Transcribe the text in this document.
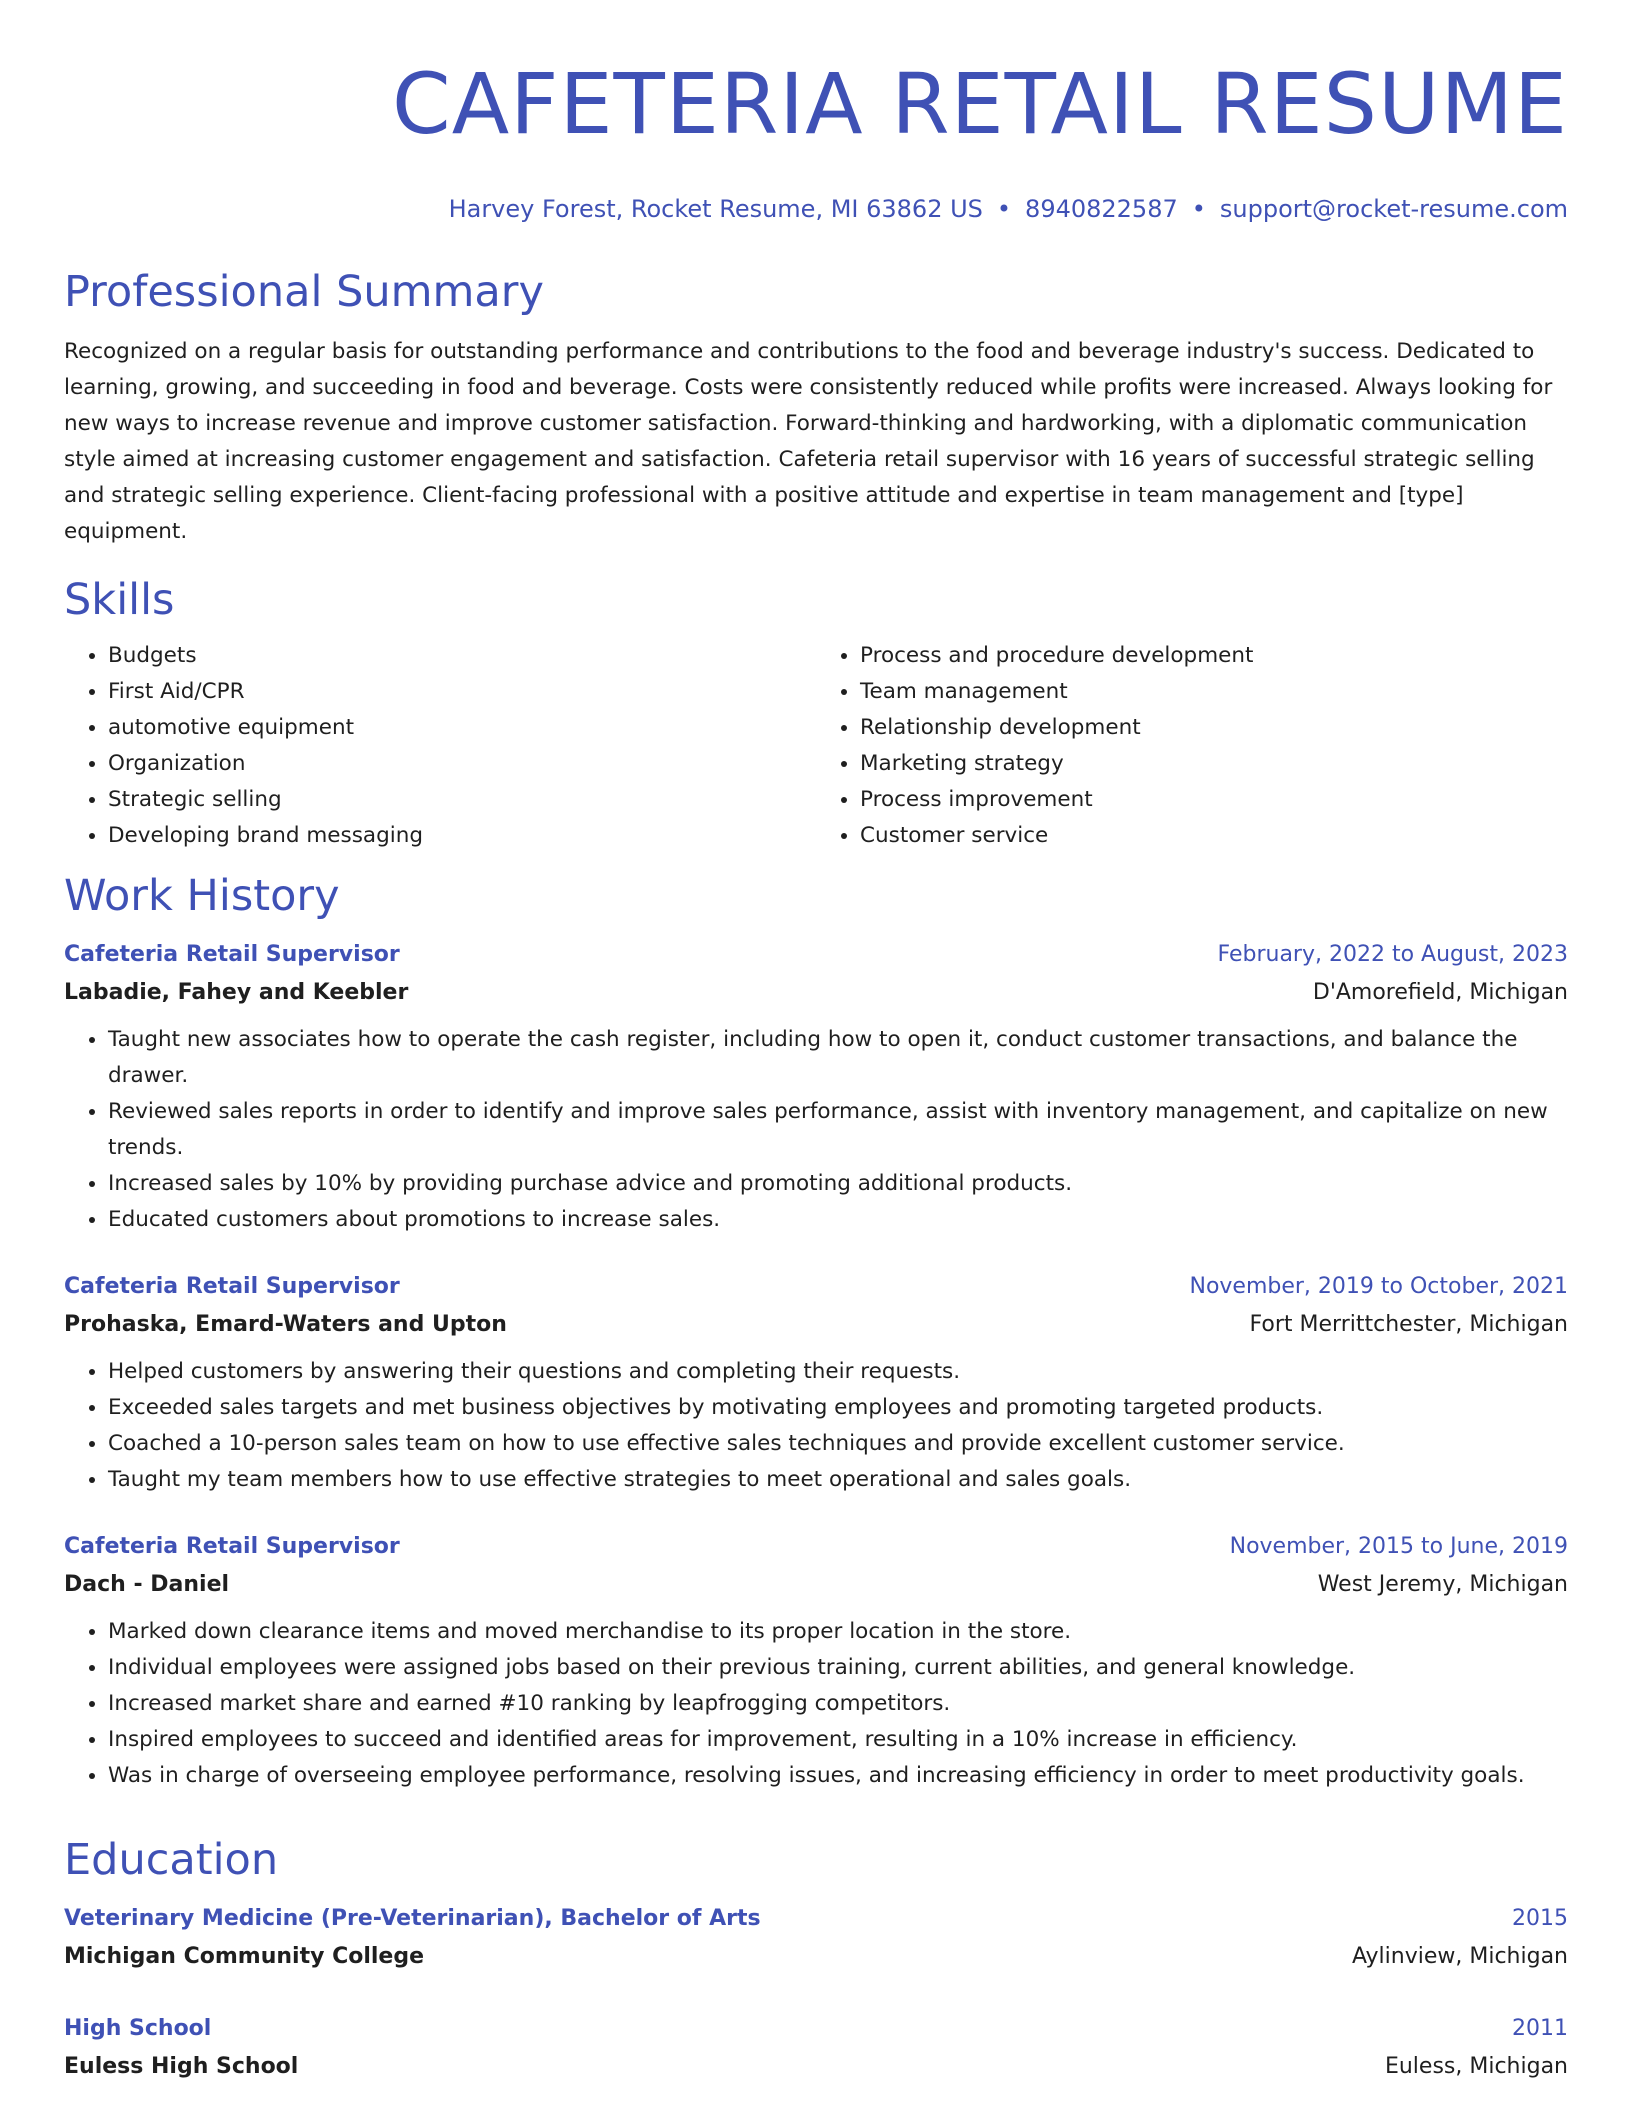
CAFETERIA RETAIL RESUME
Harvey Forest, Rocket Resume, MI 63862 US • 8940822587 • support@rocket-resume.com
Professional Summary

Recognized on a regular basis for outstanding performance and contributions to the food and beverage industry's success. Dedicated to learning, growing, and succeeding in food and beverage. Costs were consistently reduced while profits were increased. Always looking for new ways to increase revenue and improve customer satisfaction. Forward-thinking and hardworking, with a diplomatic communication style aimed at increasing customer engagement and satisfaction. Cafeteria retail supervisor with 16 years of successful strategic selling and strategic selling experience. Client-facing professional with a positive attitude and expertise in team management and [type] equipment.

Skills
• Budgets
• First Aid/CPR
• automotive equipment
• Organization
• Strategic selling
• Developing brand messaging
• Process and procedure development
• Team management
• Relationship development
• Marketing strategy
• Process improvement
• Customer service
Work History
Cafeteria Retail Supervisor	February, 2022 to August, 2023
Labadie, Fahey and Keebler	D'Amorefield, Michigan
• Taught new associates how to operate the cash register, including how to open it, conduct customer transactions, and balance the drawer.
• Reviewed sales reports in order to identify and improve sales performance, assist with inventory management, and capitalize on new trends.
• Increased sales by 10% by providing purchase advice and promoting additional products.
• Educated customers about promotions to increase sales.
Cafeteria Retail Supervisor	November, 2019 to October, 2021
Prohaska, Emard-Waters and Upton	Fort Merrittchester, Michigan
• Helped customers by answering their questions and completing their requests.
• Exceeded sales targets and met business objectives by motivating employees and promoting targeted products.
• Coached a 10-person sales team on how to use effective sales techniques and provide excellent customer service.
• Taught my team members how to use effective strategies to meet operational and sales goals.
Cafeteria Retail Supervisor	November, 2015 to June, 2019
Dach - Daniel	West Jeremy, Michigan
• Marked down clearance items and moved merchandise to its proper location in the store.
• Individual employees were assigned jobs based on their previous training, current abilities, and general knowledge.
• Increased market share and earned #10 ranking by leapfrogging competitors.
• Inspired employees to succeed and identified areas for improvement, resulting in a 10% increase in efficiency.
• Was in charge of overseeing employee performance, resolving issues, and increasing efficiency in order to meet productivity goals.
Education
Veterinary Medicine (Pre-Veterinarian), Bachelor of Arts	2015
Michigan Community College	Aylinview, Michigan
High School	2011
Euless High School	Euless, Michigan
